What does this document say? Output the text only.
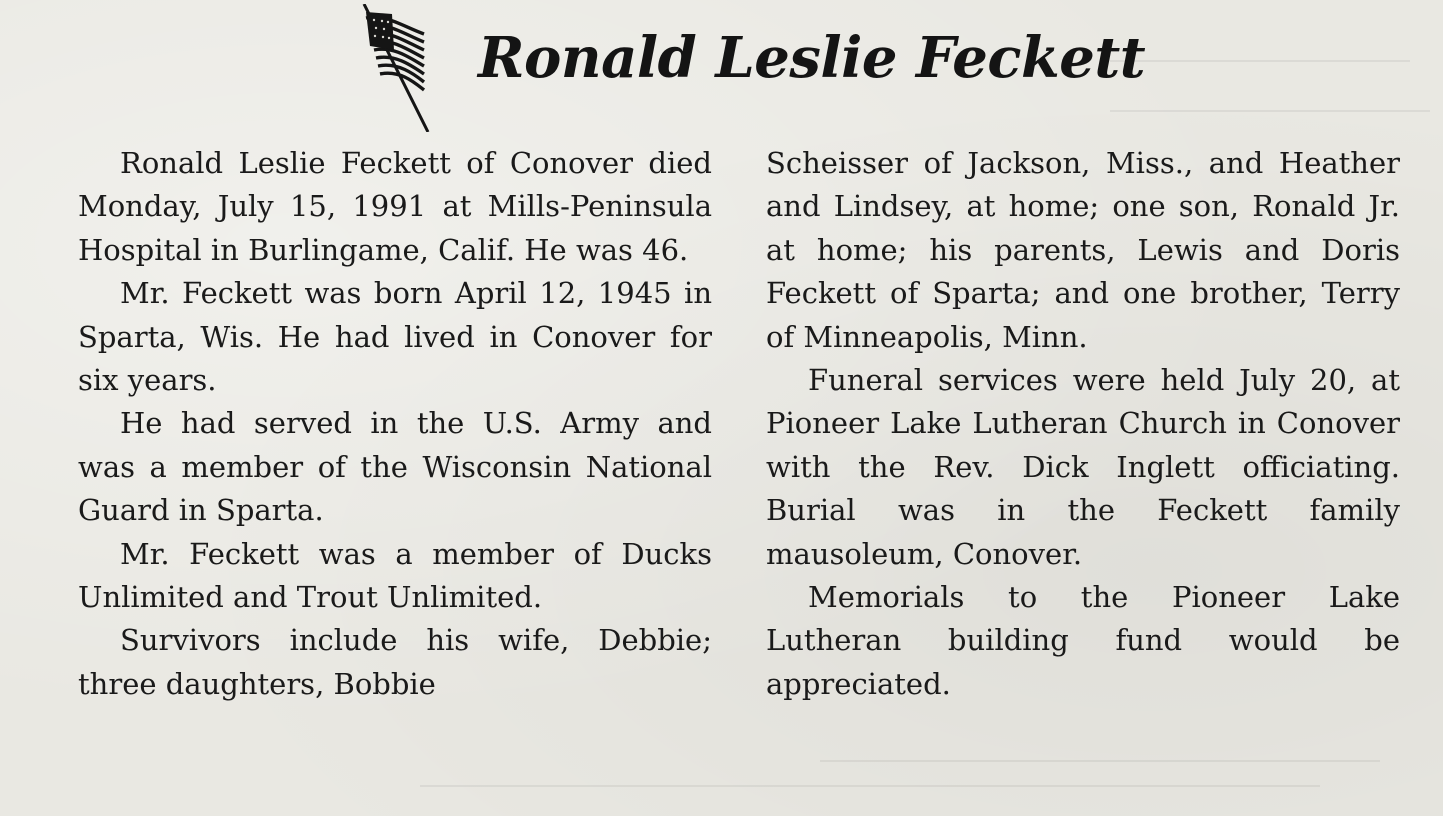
Ronald Leslie Feckett

Ronald Leslie Feckett of Conover died Monday, July 15, 1991 at Mills-Peninsula Hospital in Burlingame, Calif. He was 46.

Mr. Feckett was born April 12, 1945 in Sparta, Wis. He had lived in Conover for six years.

He had served in the U.S. Army and was a member of the Wisconsin National Guard in Sparta.

Mr. Feckett was a member of Ducks Unlimited and Trout Unlimited.

Survivors include his wife, Debbie; three daughters, Bobbie

Scheisser of Jackson, Miss., and Heather and Lindsey, at home; one son, Ronald Jr. at home; his parents, Lewis and Doris Feckett of Sparta; and one brother, Terry of Minneapolis, Minn.

Funeral services were held July 20, at Pioneer Lake Lutheran Church in Conover with the Rev. Dick Inglett officiating. Burial was in the Feckett family mausoleum, Conover.

Memorials to the Pioneer Lake Lutheran building fund would be appreciated.
